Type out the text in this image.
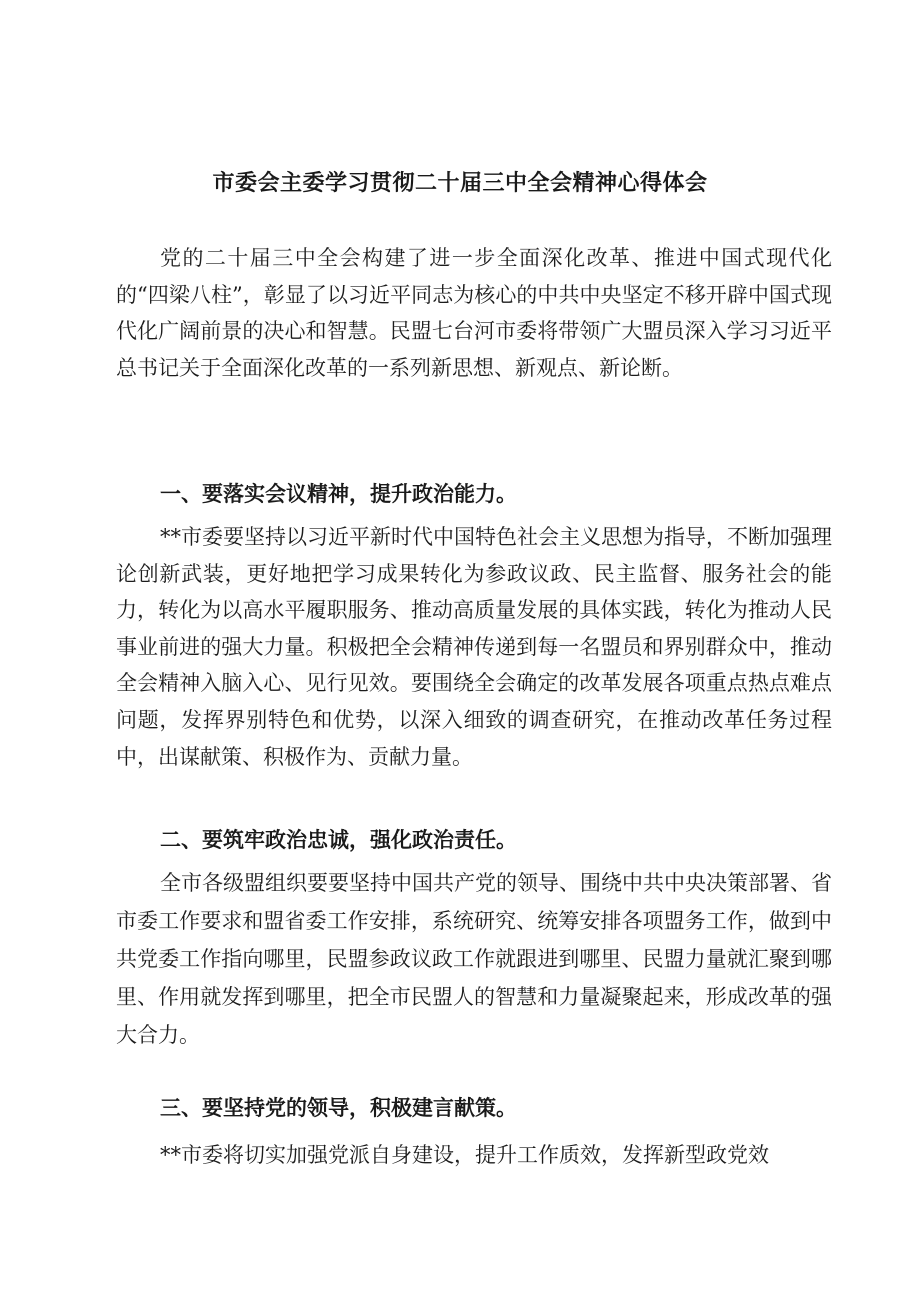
市委会主委学习贯彻二十届三中全会精神心得体会

党的二十届三中全会构建了进一步全面深化改革、推进中国式现代化的“四梁八柱”，彰显了以习近平同志为核心的中共中央坚定不移开辟中国式现代化广阔前景的决心和智慧。民盟七台河市委将带领广大盟员深入学习习近平总书记关于全面深化改革的一系列新思想、新观点、新论断。

一、要落实会议精神，提升政治能力。

**市委要坚持以习近平新时代中国特色社会主义思想为指导，不断加强理论创新武装，更好地把学习成果转化为参政议政、民主监督、服务社会的能力，转化为以高水平履职服务、推动高质量发展的具体实践，转化为推动人民事业前进的强大力量。积极把全会精神传递到每一名盟员和界别群众中，推动全会精神入脑入心、见行见效。要围绕全会确定的改革发展各项重点热点难点问题，发挥界别特色和优势，以深入细致的调查研究，在推动改革任务过程中，出谋献策、积极作为、贡献力量。

二、要筑牢政治忠诚，强化政治责任。

全市各级盟组织要要坚持中国共产党的领导、围绕中共中央决策部署、省市委工作要求和盟省委工作安排，系统研究、统筹安排各项盟务工作，做到中共党委工作指向哪里，民盟参政议政工作就跟进到哪里、民盟力量就汇聚到哪里、作用就发挥到哪里，把全市民盟人的智慧和力量凝聚起来，形成改革的强大合力。

三、要坚持党的领导，积极建言献策。

**市委将切实加强党派自身建设，提升工作质效，发挥新型政党效
